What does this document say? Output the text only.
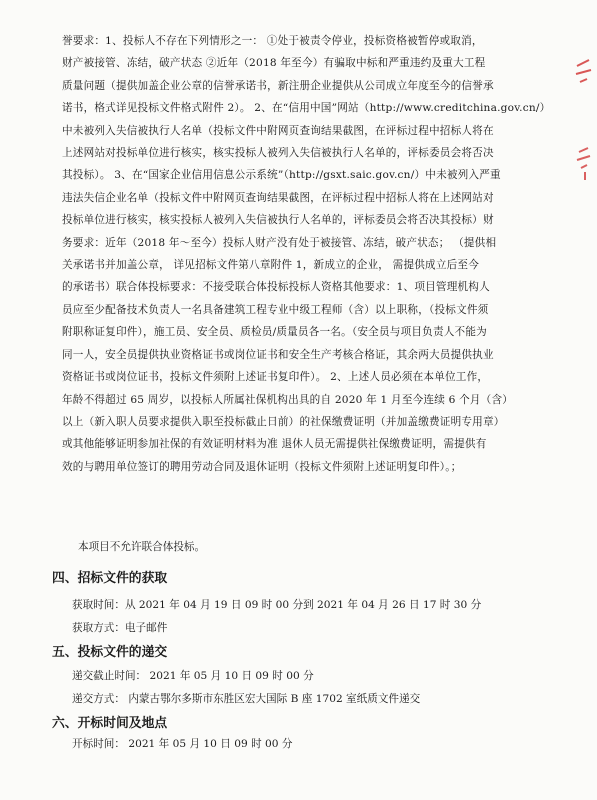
誉要求：1、投标人不存在下列情形之一： ①处于被责令停业，投标资格被暂停或取消，
财产被接管、冻结，破产状态 ②近年（2018 年至今）有骗取中标和严重违约及重大工程
质量问题（提供加盖企业公章的信誉承诺书，新注册企业提供从公司成立年度至今的信誉承
诺书，格式详见投标文件格式附件 2）。 2、在“信用中国”网站（http://www.creditchina.gov.cn/）
中未被列入失信被执行人名单（投标文件中附网页查询结果截图，在评标过程中招标人将在
上述网站对投标单位进行核实，核实投标人被列入失信被执行人名单的，评标委员会将否决
其投标）。 3、在“国家企业信用信息公示系统”（http://gsxt.saic.gov.cn/）中未被列入严重
违法失信企业名单（投标文件中附网页查询结果截图，在评标过程中招标人将在上述网站对
投标单位进行核实，核实投标人被列入失信被执行人名单的，评标委员会将否决其投标）财
务要求：近年（2018 年～至今）投标人财产没有处于被接管、冻结，破产状态； （提供相
关承诺书并加盖公章， 详见招标文件第八章附件 1，新成立的企业， 需提供成立后至今
的承诺书）联合体投标要求：不接受联合体投标投标人资格其他要求：1、项目管理机构人
员应至少配备技术负责人一名具备建筑工程专业中级工程师（含）以上职称，（投标文件须
附职称证复印件），施工员、安全员、质检员/质量员各一名。（安全员与项目负责人不能为
同一人，安全员提供执业资格证书或岗位证书和安全生产考核合格证，其余两大员提供执业
资格证书或岗位证书，投标文件须附上述证书复印件）。 2、上述人员必须在本单位工作，
年龄不得超过 65 周岁，以投标人所属社保机构出具的自 2020 年 1 月至今连续 6 个月（含）
以上（新入职人员要求提供入职至投标截止日前）的社保缴费证明（并加盖缴费证明专用章）
或其他能够证明参加社保的有效证明材料为准 退休人员无需提供社保缴费证明，需提供有
效的与聘用单位签订的聘用劳动合同及退休证明（投标文件须附上述证明复印件）。；
本项目不允许联合体投标。
四、招标文件的获取
获取时间：从 2021 年 04 月 19 日 09 时 00 分到 2021 年 04 月 26 日 17 时 30 分
获取方式：电子邮件
五、投标文件的递交
递交截止时间： 2021 年 05 月 10 日 09 时 00 分
递交方式： 内蒙古鄂尔多斯市东胜区宏大国际 B 座 1702 室纸质文件递交
六、开标时间及地点
开标时间： 2021 年 05 月 10 日 09 时 00 分
